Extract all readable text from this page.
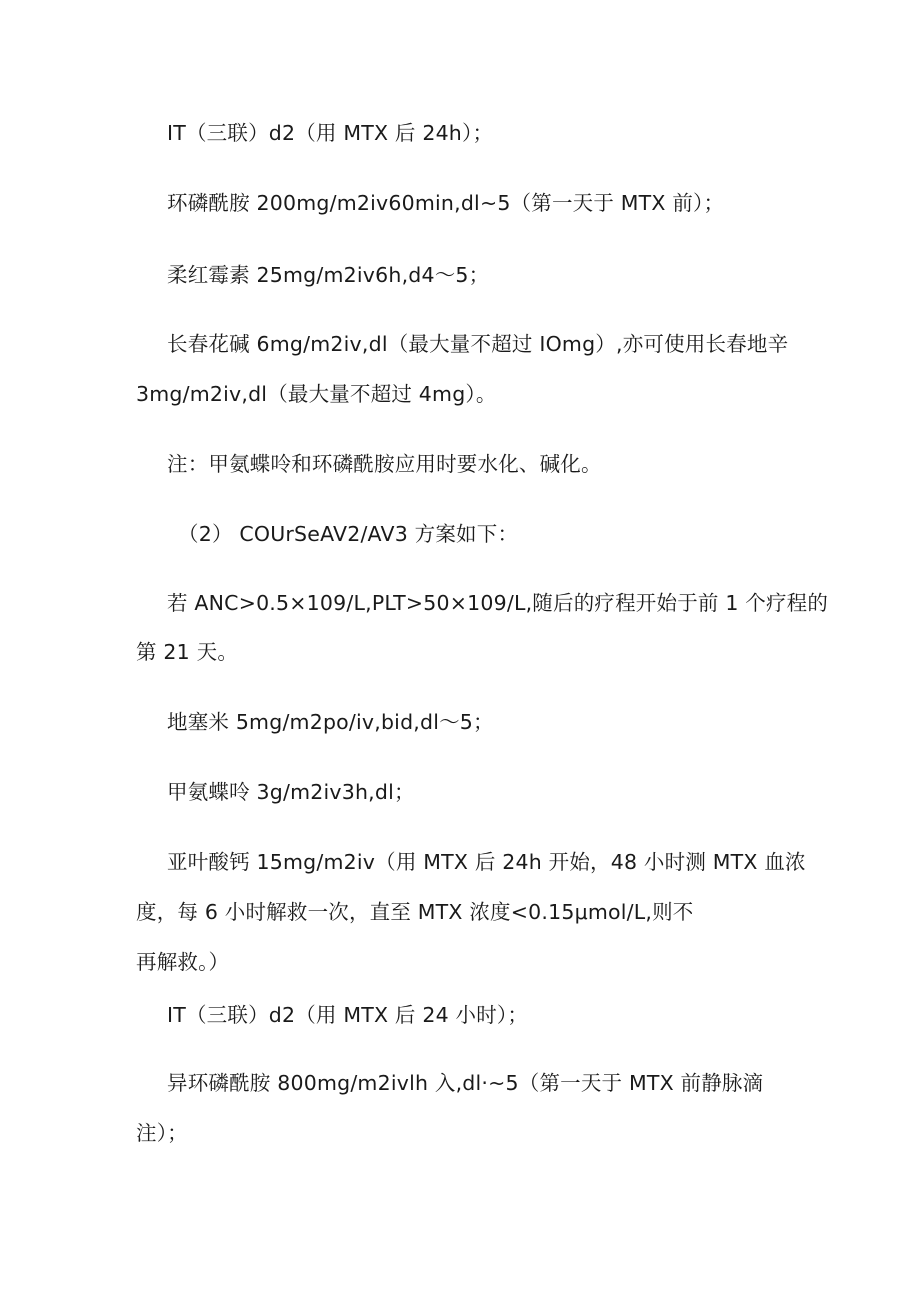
IT（三联）d2（用 MTX 后 24h）；
环磷酰胺 200mg∕m2iv60min,dl~5（第一天于 MTX 前）；
柔红霉素 25mg∕m2iv6h,d4～5；
长春花碱 6mg∕m2iv,dl（最大量不超过 IOmg）,亦可使用长春地辛
3mg∕m2iv,dl（最大量不超过 4mg）。
注：甲氨蝶呤和环磷酰胺应用时要水化、碱化。
（2） COUrSeAV2/AV3 方案如下：
若 ANC>0.5×109∕L,PLT>50×109∕L,随后的疗程开始于前 1 个疗程的
第 21 天。
地塞米 5mg∕m2po∕iv,bid,dl～5；
甲氨蝶呤 3g∕m2iv3h,dl；
亚叶酸钙 15mg∕m2iv（用 MTX 后 24h 开始，48 小时测 MTX 血浓
度，每 6 小时解救一次，直至 MTX 浓度<0.15μmol∕L,则不
再解救。）
IT（三联）d2（用 MTX 后 24 小时）；
异环磷酰胺 800mg∕m2ivlh 入,dl·~5（第一天于 MTX 前静脉滴
注）；
